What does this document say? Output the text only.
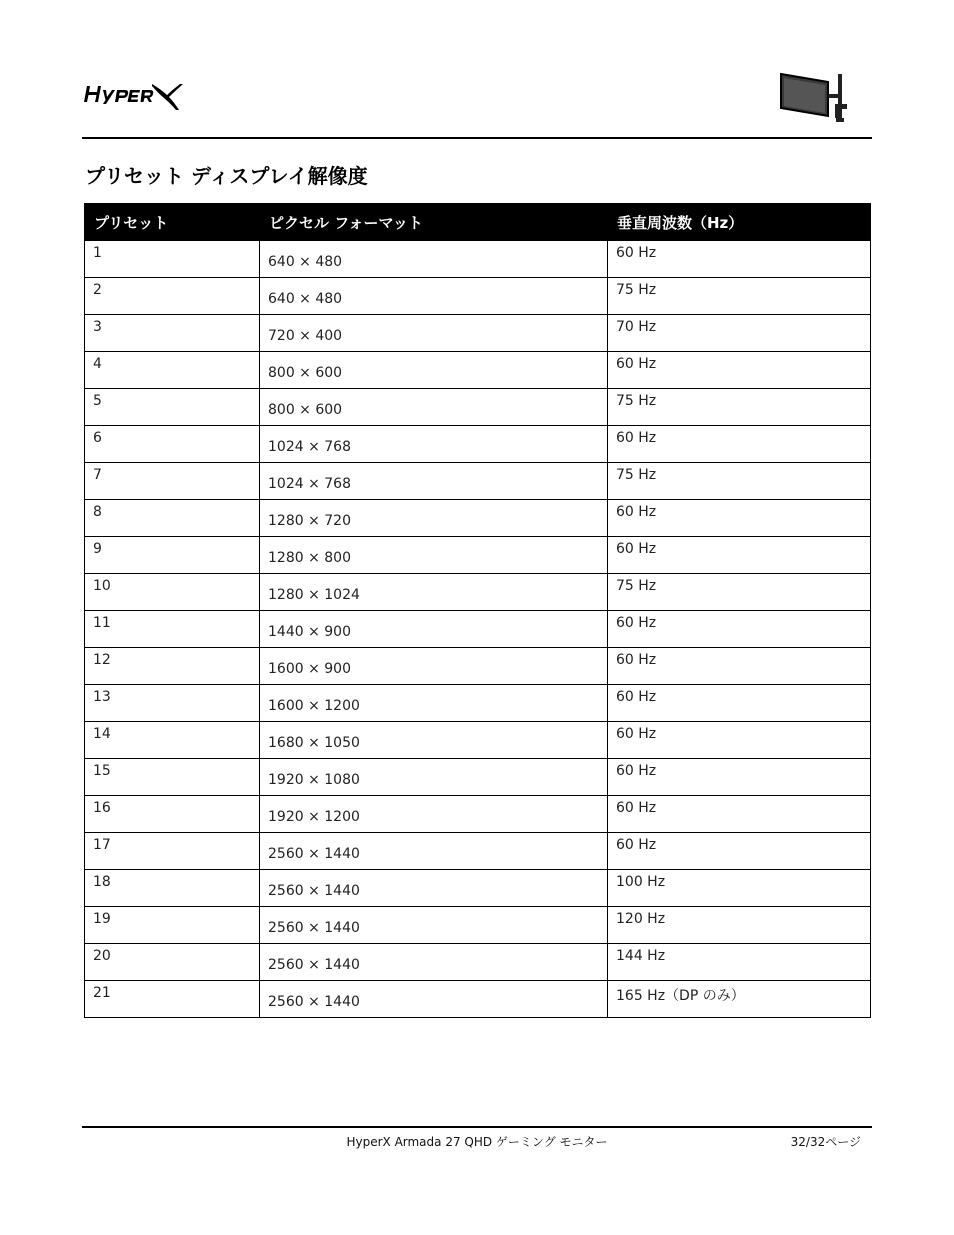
プリセット ディスプレイ解像度
プリセット	ピクセル フォーマット	垂直周波数（Hz）
1	640 × 480	60 Hz
2	640 × 480	75 Hz
3	720 × 400	70 Hz
4	800 × 600	60 Hz
5	800 × 600	75 Hz
6	1024 × 768	60 Hz
7	1024 × 768	75 Hz
8	1280 × 720	60 Hz
9	1280 × 800	60 Hz
10	1280 × 1024	75 Hz
11	1440 × 900	60 Hz
12	1600 × 900	60 Hz
13	1600 × 1200	60 Hz
14	1680 × 1050	60 Hz
15	1920 × 1080	60 Hz
16	1920 × 1200	60 Hz
17	2560 × 1440	60 Hz
18	2560 × 1440	100 Hz
19	2560 × 1440	120 Hz
20	2560 × 1440	144 Hz
21	2560 × 1440	165 Hz（DP のみ）
HyperX Armada 27 QHD ゲーミング モニター	32/32ページ
